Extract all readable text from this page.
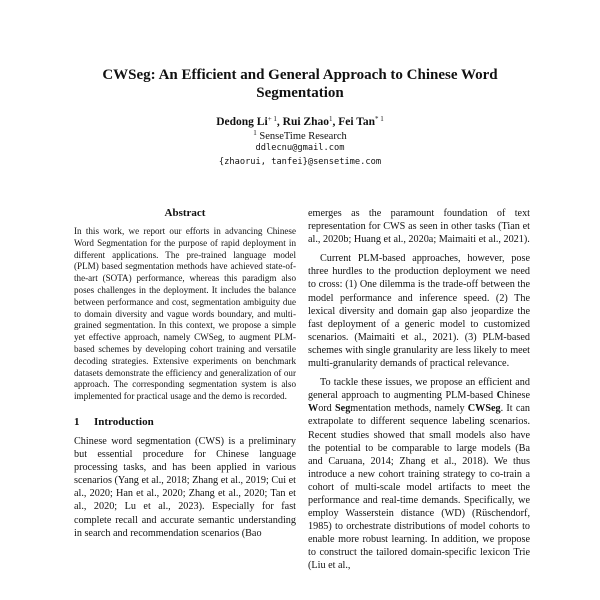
CWSeg: An Efficient and General Approach to Chinese Word
Segmentation
Dedong $Li^{+ 1}$, Rui Zhao$^1$, Fei Tan$^{* 1}$
$^1$ SenseTime Research
ddlecnu@gmail.com
{zhaorui, tanfei}@sensetime.com
Abstract

In this work, we report our efforts in advancing Chinese Word Segmentation for the purpose of rapid deployment in different applications. The pre-trained language model (PLM) based segmentation methods have achieved state-of-the-art (SOTA) performance, whereas this paradigm also poses challenges in the deployment. It includes the balance between performance and cost, segmentation ambiguity due to domain diversity and vague words boundary, and multi-grained segmentation. In this context, we propose a simple yet effective approach, namely CWSeg, to augment PLM-based schemes by developing cohort training and versatile decoding strategies. Extensive experiments on benchmark datasets demonstrate the efficiency and generalization of our approach. The corresponding segmentation system is also implemented for practical usage and the demo is recorded.

1 Introduction

Chinese word segmentation (CWS) is a preliminary but essential procedure for Chinese language processing tasks, and has been applied in various scenarios (Yang et al., 2018; Zhang et al., 2019; Cui et al., 2020; Han et al., 2020; Zhang et al., 2020; Tan et al., 2020; Lu et al., 2023). Especially for fast complete recall and accurate semantic understanding in search and recommendation scenarios (Bao

emerges as the paramount foundation of text representation for CWS as seen in other tasks (Tian et al., 2020b; Huang et al., 2020a; Maimaiti et al., 2021).

Current PLM-based approaches, however, pose three hurdles to the production deployment we need to cross: (1) One dilemma is the trade-off between the model performance and inference speed. (2) The lexical diversity and domain gap also jeopardize the fast deployment of a generic model to customized scenarios. (Maimaiti et al., 2021). (3) PLM-based schemes with single granularity are less likely to meet multi-granularity demands of practical relevance.

To tackle these issues, we propose an efficient and general approach to augmenting PLM-based Chinese Word Segmentation methods, namely CWSeg. It can extrapolate to different sequence labeling scenarios. Recent studies showed that small models also have the potential to be comparable to large models (Ba and Caruana, 2014; Zhang et al., 2018). We thus introduce a new cohort training strategy to co-train a cohort of multi-scale model artifacts to meet the performance and real-time demands. Specifically, we employ Wasserstein distance (WD) (Rüschendorf, 1985) to orchestrate distributions of model cohorts to enable more robust learning. In addition, we propose to construct the tailored domain-specific lexicon Trie (Liu et al.,
